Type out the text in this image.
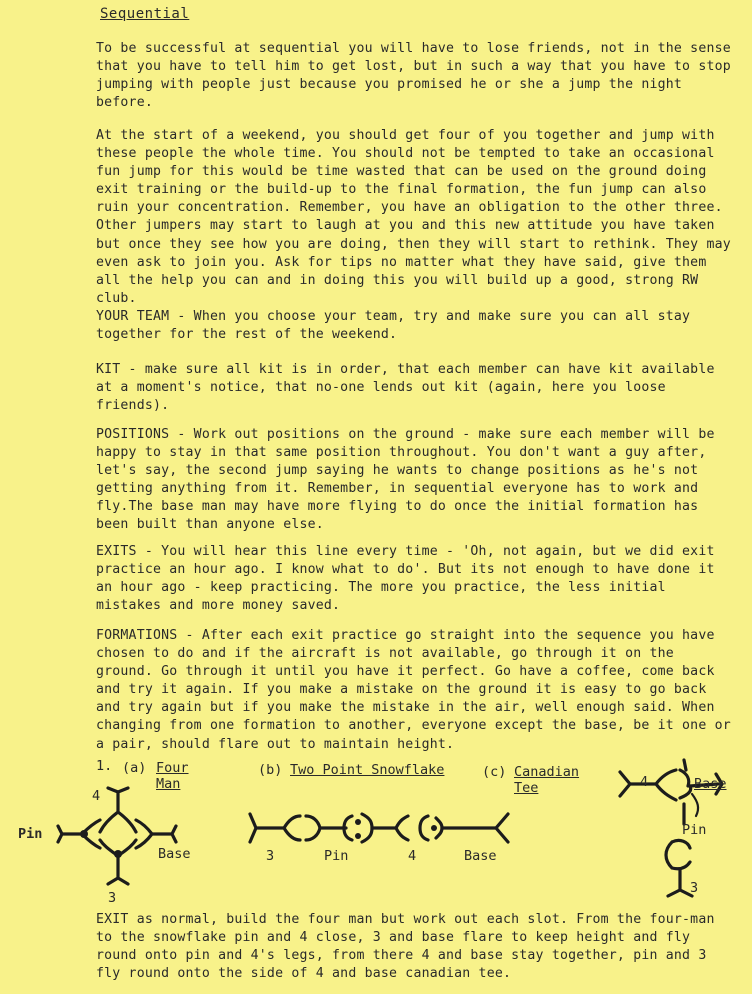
Sequential
To be successful at sequential you will have to lose friends, not in the sense that you have to tell him to get lost, but in such a way that you have to stop jumping with people just because you promised he or she a jump the night before.
At the start of a weekend, you should get four of you together and jump with these people the whole time. You should not be tempted to take an occasional fun jump for this would be time wasted that can be used on the ground doing exit training or the build-up to the final formation, the fun jump can also ruin your concentration. Remember, you have an obligation to the other three. Other jumpers may start to laugh at you and this new attitude you have taken but once they see how you are doing, then they will start to rethink. They may even ask to join you. Ask for tips no matter what they have said, give them all the help you can and in doing this you will build up a good, strong RW club.
YOUR TEAM - When you choose your team, try and make sure you can all stay together for the rest of the weekend.
KIT - make sure all kit is in order, that each member can have kit available at a moment's notice, that no-one lends out kit (again, here you loose friends).
POSITIONS - Work out positions on the ground - make sure each member will be happy to stay in that same position throughout. You don't want a guy after, let's say, the second jump saying he wants to change positions as he's not getting anything from it. Remember, in sequential everyone has to work and fly.The base man may have more flying to do once the initial formation has been built than anyone else.
EXITS - You will hear this line every time - 'Oh, not again, but we did exit practice an hour ago. I know what to do'. But its not enough to have done it an hour ago - keep practicing. The more you practice, the less initial mistakes and more money saved.
FORMATIONS - After each exit practice go straight into the sequence you have chosen to do and if the aircraft is not available, go through it on the ground. Go through it until you have it perfect. Go have a coffee, come back and try it again. If you make a mistake on the ground it is easy to go back and try again but if you make the mistake in the air, well enough said. When changing from one formation to another, everyone except the base, be it one or a pair, should flare out to maintain height.
1. (a) Four
Man
(b) Two Point Snowflake	(c) Canadian
Tee
4
Pin
Base
3
3	Pin	4	Base
4	Base
Pin
3
EXIT as normal, build the four man but work out each slot. From the four-man to the snowflake pin and 4 close, 3 and base flare to keep height and fly round onto pin and 4's legs, from there 4 and base stay together, pin and 3 fly round onto the side of 4 and base canadian tee.
